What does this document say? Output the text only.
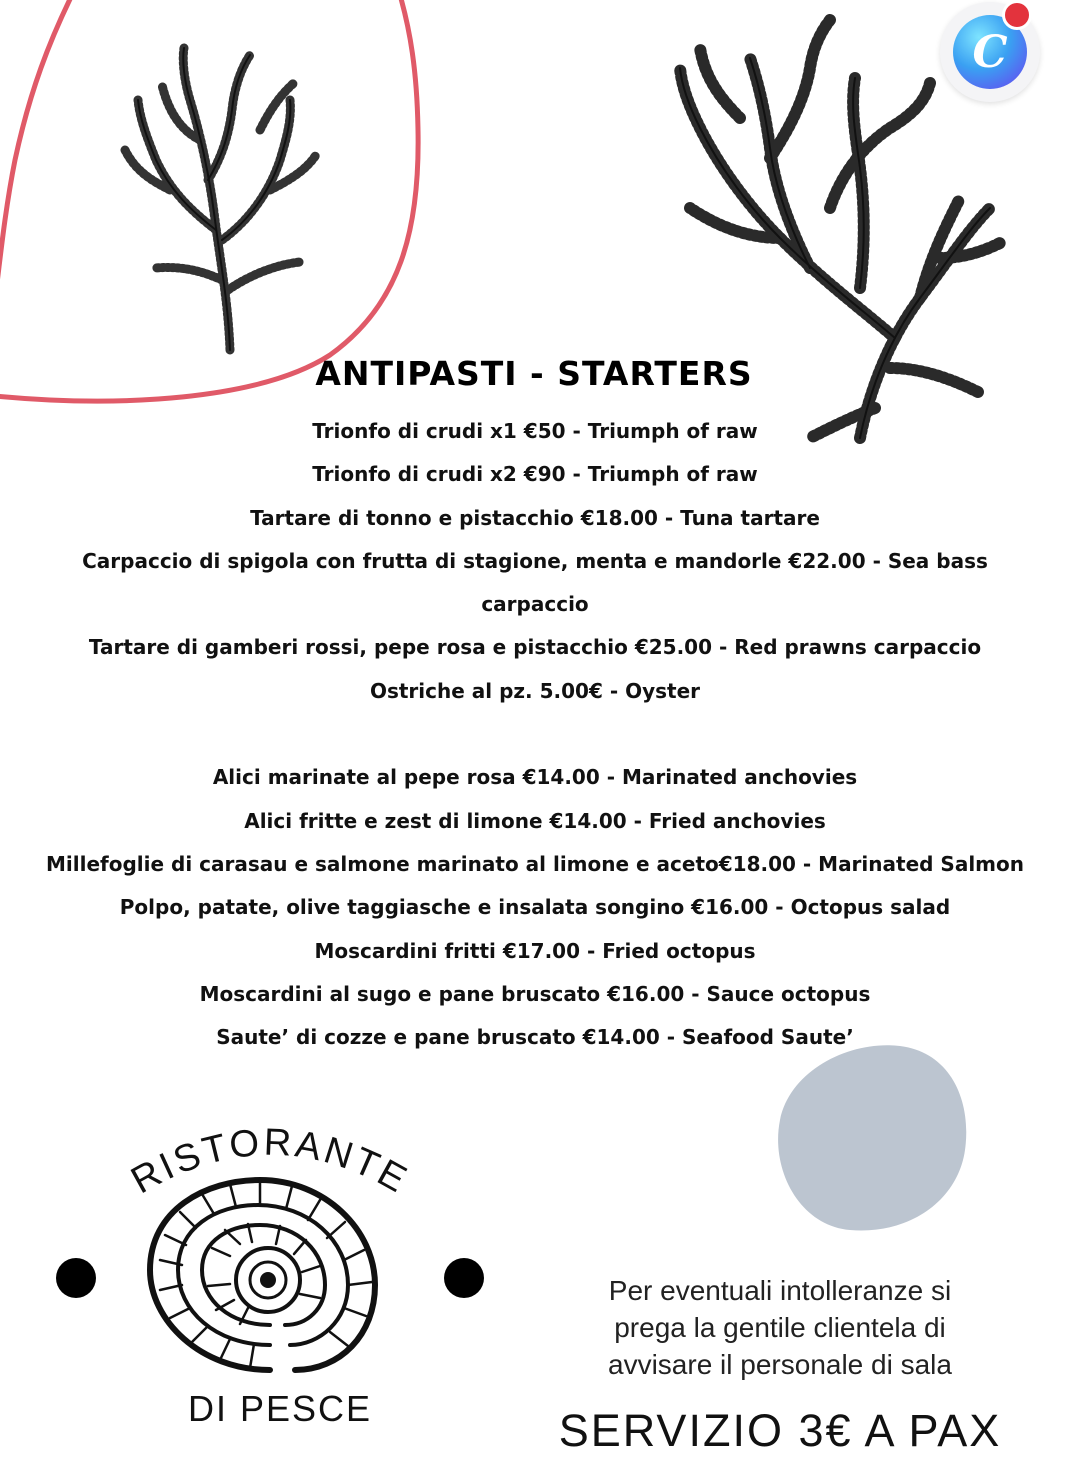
C
ANTIPASTI - STARTERS
Trionfo di crudi x1 €50 - Triumph of raw
Trionfo di crudi x2 €90 - Triumph of raw
Tartare di tonno e pistacchio €18.00 - Tuna tartare
Carpaccio di spigola con frutta di stagione, menta e mandorle €22.00 - Sea bass
carpaccio
Tartare di gamberi rossi, pepe rosa e pistacchio €25.00 - Red prawns carpaccio
Ostriche al pz. 5.00€ - Oyster
Alici marinate al pepe rosa €14.00 - Marinated anchovies
Alici fritte e zest di limone €14.00 - Fried anchovies
Millefoglie di carasau e salmone marinato al limone e aceto€18.00 - Marinated Salmon
Polpo, patate, olive taggiasche e insalata songino €16.00 - Octopus salad
Moscardini fritti €17.00 - Fried octopus
Moscardini al sugo e pane bruscato €16.00 - Sauce octopus
Saute’ di cozze e pane bruscato €14.00 - Seafood Saute’
RISTORANTE
DI PESCE
Per eventuali intolleranze si
prega la gentile clientela di
avvisare il personale di sala
SERVIZIO 3€ A PAX
